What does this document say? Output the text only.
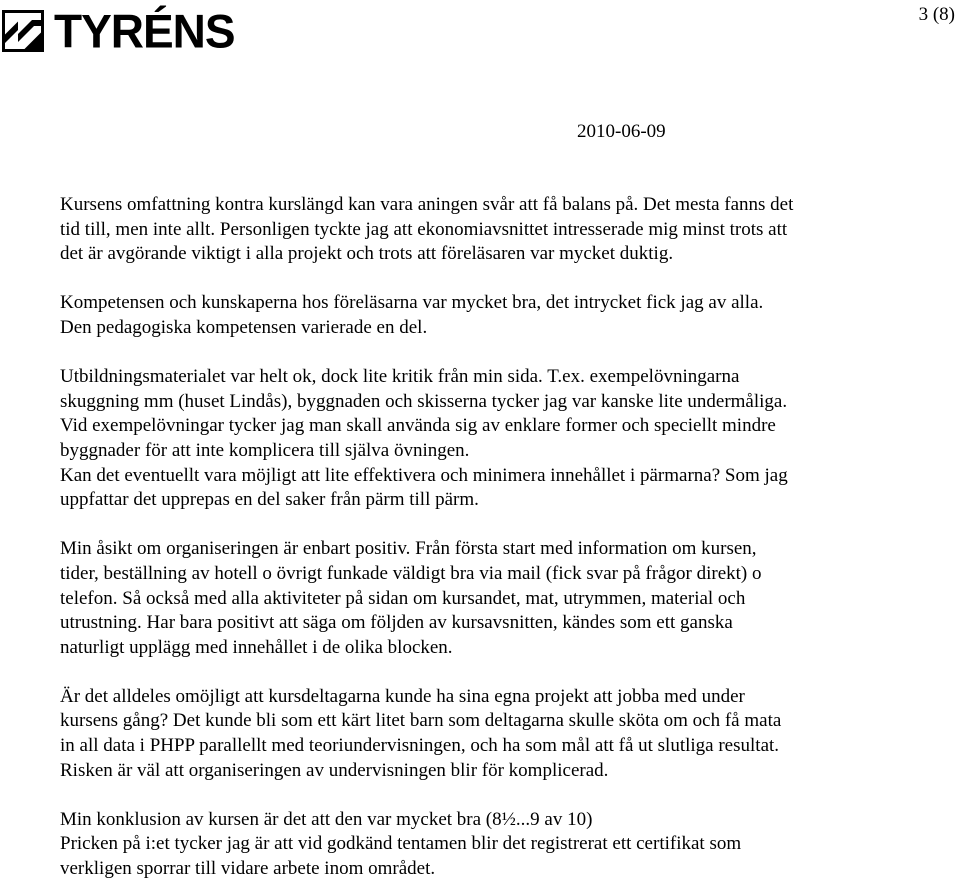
TYRÉNS	3 (8)
2010-06-09

Kursens omfattning kontra kurslängd kan vara aningen svår att få balans på. Det mesta fanns det

tid till, men inte allt. Personligen tyckte jag att ekonomiavsnittet intresserade mig minst trots att

det är avgörande viktigt i alla projekt och trots att föreläsaren var mycket duktig.

Kompetensen och kunskaperna hos föreläsarna var mycket bra, det intrycket fick jag av alla.

Den pedagogiska kompetensen varierade en del.

Utbildningsmaterialet var helt ok, dock lite kritik från min sida. T.ex. exempelövningarna

skuggning mm (huset Lindås), byggnaden och skisserna tycker jag var kanske lite undermåliga.

Vid exempelövningar tycker jag man skall använda sig av enklare former och speciellt mindre

byggnader för att inte komplicera till själva övningen.

Kan det eventuellt vara möjligt att lite effektivera och minimera innehållet i pärmarna? Som jag

uppfattar det upprepas en del saker från pärm till pärm.

Min åsikt om organiseringen är enbart positiv. Från första start med information om kursen,

tider, beställning av hotell o övrigt funkade väldigt bra via mail (fick svar på frågor direkt) o

telefon. Så också med alla aktiviteter på sidan om kursandet, mat, utrymmen, material och

utrustning. Har bara positivt att säga om följden av kursavsnitten, kändes som ett ganska

naturligt upplägg med innehållet i de olika blocken.

Är det alldeles omöjligt att kursdeltagarna kunde ha sina egna projekt att jobba med under

kursens gång? Det kunde bli som ett kärt litet barn som deltagarna skulle sköta om och få mata

in all data i PHPP parallellt med teoriundervisningen, och ha som mål att få ut slutliga resultat.

Risken är väl att organiseringen av undervisningen blir för komplicerad.

Min konklusion av kursen är det att den var mycket bra (8½...9 av 10)

Pricken på i:et tycker jag är att vid godkänd tentamen blir det registrerat ett certifikat som

verkligen sporrar till vidare arbete inom området.
